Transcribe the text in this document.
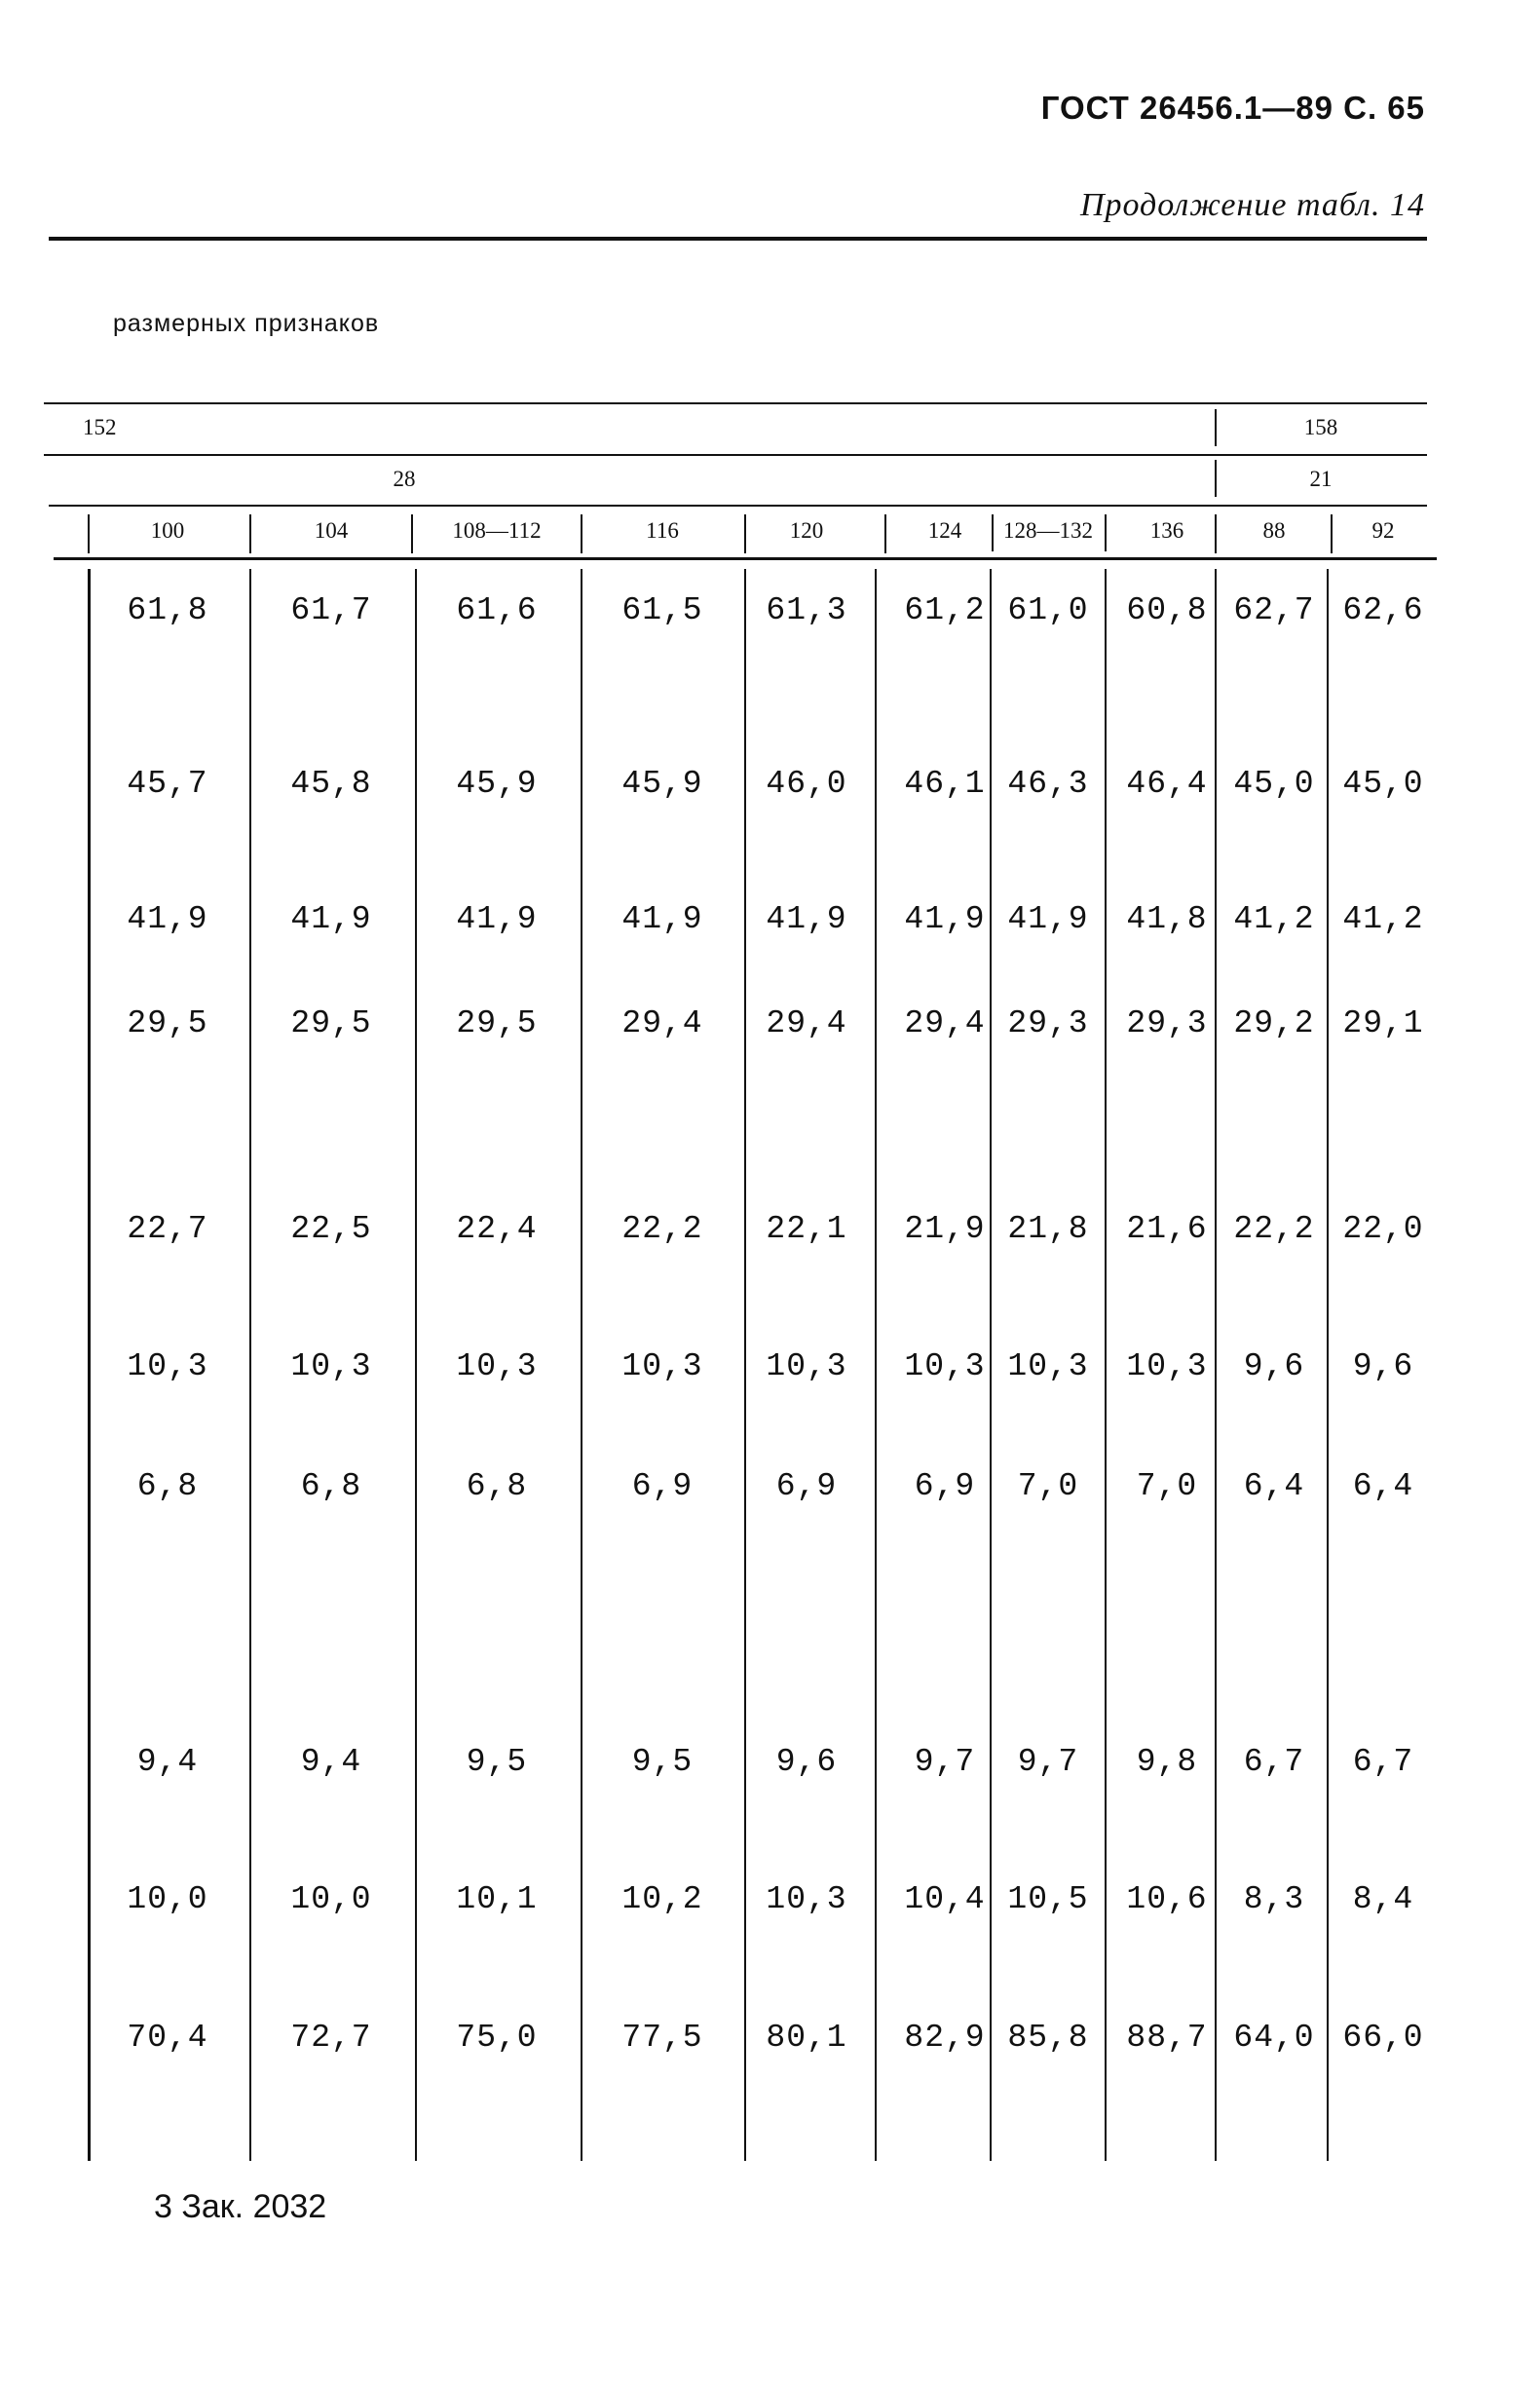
ГОСТ 26456.1—89 С. 65
Продолжение табл. 14
размерных признаков
152	158
28	21
100	104	108—112	116	120	124	128—132	136	88	92
61,8	61,7	61,6	61,5	61,3	61,2 61,0	60,8 62,7 62,6
45,7	45,8	45,9	45,9	46,0	46,1 46,3	46,4 45,0 45,0
41,9	41,9	41,9	41,9	41,9	41,9 41,9	41,8 41,2 41,2
29,5	29,5	29,5	29,4	29,4	29,4 29,3	29,3 29,2 29,1
22,7	22,5	22,4	22,2	22,1	21,9 21,8	21,6 22,2 22,0
10,3	10,3	10,3	10,3	10,3	10,3 10,3	10,3	9,6	9,6
6,8	6,8	6,8	6,9	6,9	6,9	7,0	7,0	6,4	6,4
9,4	9,4	9,5	9,5	9,6	9,7	9,7	9,8	6,7	6,7
10,0	10,0	10,1	10,2	10,3	10,4 10,5	10,6	8,3	8,4
70,4	72,7	75,0	77,5	80,1	82,9 85,8	88,7 64,0 66,0
3 Зак. 2032
